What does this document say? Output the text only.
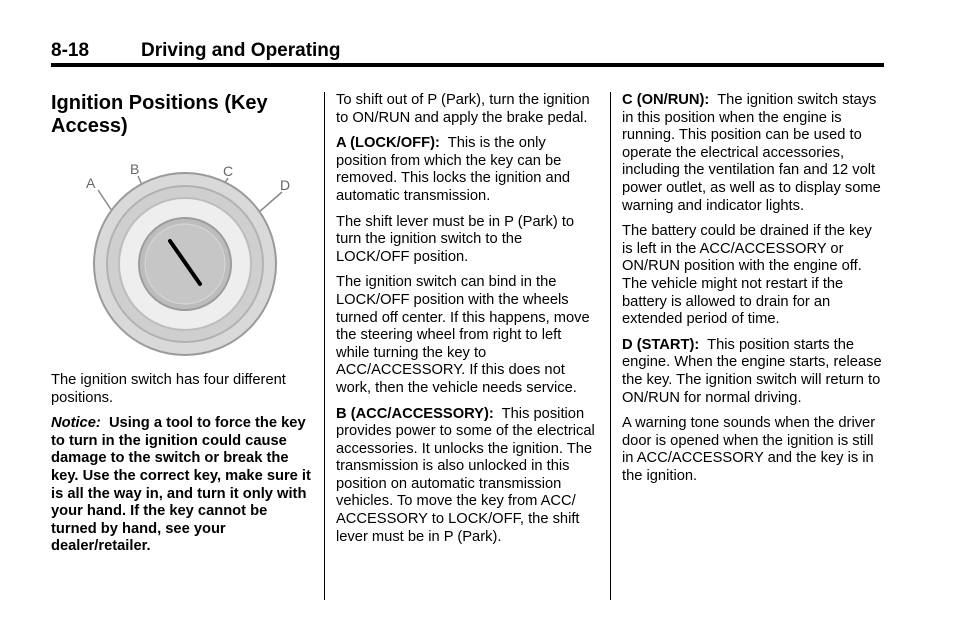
8-18	Driving and Operating
Ignition Positions (Key Access)
A
B	C
D

The ignition switch has four different positions.

Notice: Using a tool to force the key to turn in the ignition could cause damage to the switch or break the key. Use the correct key, make sure it is all the way in, and turn it only with your hand. If the key cannot be turned by hand, see your dealer/retailer.

To shift out of P (Park), turn the ignition to ON/RUN and apply the brake pedal.

A (LOCK/OFF): This is the only position from which the key can be removed. This locks the ignition and automatic transmission.

The shift lever must be in P (Park) to turn the ignition switch to the LOCK/OFF position.

The ignition switch can bind in the LOCK/OFF position with the wheels turned off center. If this happens, move the steering wheel from right to left while turning the key to ACC/ACCESSORY. If this does not work, then the vehicle needs service.

B (ACC/ACCESSORY): This position provides power to some of the electrical accessories. It unlocks the ignition. The transmission is also unlocked in this position on automatic transmission vehicles. To move the key from ACC/ ACCESSORY to LOCK/OFF, the shift lever must be in P (Park).

C (ON/RUN): The ignition switch stays in this position when the engine is running. This position can be used to operate the electrical accessories, including the ventilation fan and 12 volt power outlet, as well as to display some warning and indicator lights.

The battery could be drained if the key is left in the ACC/ACCESSORY or ON/RUN position with the engine off. The vehicle might not restart if the battery is allowed to drain for an extended period of time.

D (START): This position starts the engine. When the engine starts, release the key. The ignition switch will return to ON/RUN for normal driving.

A warning tone sounds when the driver door is opened when the ignition is still in ACC/ACCESSORY and the key is in the ignition.
